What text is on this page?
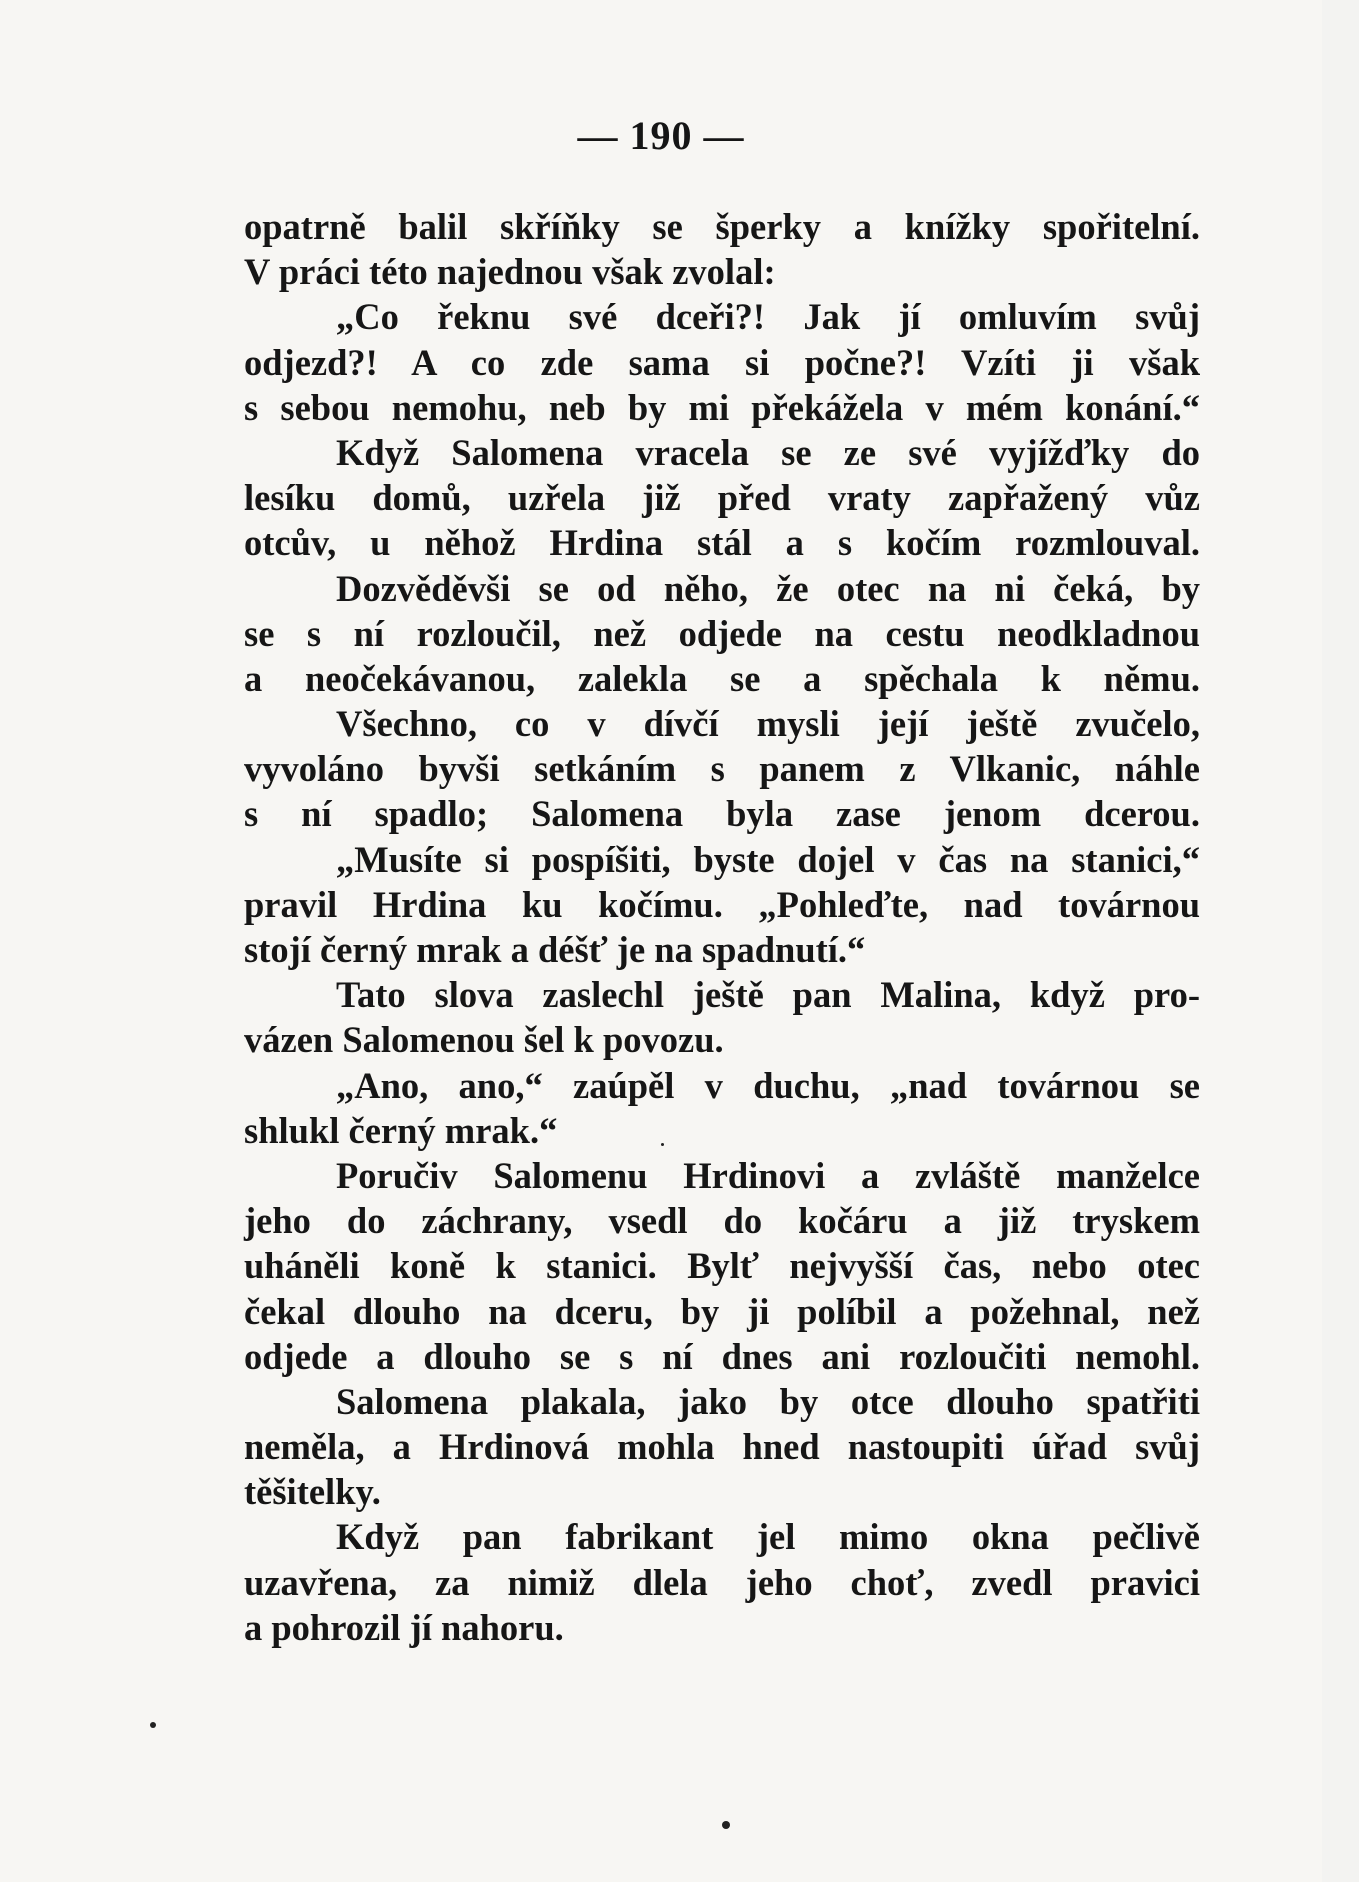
— 190 —
opatrně balil skříňky se šperky a knížky spořitelní.
V práci této najednou však zvolal:
„Co řeknu své dceři?! Jak jí omluvím svůj
odjezd?! A co zde sama si počne?! Vzíti ji však
s sebou nemohu, neb by mi překážela v mém konání.“
Když Salomena vracela se ze své vyjížďky do
lesíku domů, uzřela již před vraty zapřažený vůz
otcův, u něhož Hrdina stál a s kočím rozmlouval.
Dozvěděvši se od něho, že otec na ni čeká, by
se s ní rozloučil, než odjede na cestu neodkladnou
a neočekávanou, zalekla se a spěchala k němu.
Všechno, co v dívčí mysli její ještě zvučelo,
vyvoláno byvši setkáním s panem z Vlkanic, náhle
s ní spadlo; Salomena byla zase jenom dcerou.
„Musíte si pospíšiti, byste dojel v čas na stanici,“
pravil Hrdina ku kočímu. „Pohleďte, nad továrnou
stojí černý mrak a déšť je na spadnutí.“
Tato slova zaslechl ještě pan Malina, když pro-
vázen Salomenou šel k povozu.
„Ano, ano,“ zaúpěl v duchu, „nad továrnou se
shlukl černý mrak.“
Poručiv Salomenu Hrdinovi a zvláště manželce
jeho do záchrany, vsedl do kočáru a již tryskem
uháněli koně k stanici. Bylť nejvyšší čas, nebo otec
čekal dlouho na dceru, by ji políbil a požehnal, než
odjede a dlouho se s ní dnes ani rozloučiti nemohl.
Salomena plakala, jako by otce dlouho spatřiti
neměla, a Hrdinová mohla hned nastoupiti úřad svůj
těšitelky.
Když pan fabrikant jel mimo okna pečlivě
uzavřena, za nimiž dlela jeho choť, zvedl pravici
a pohrozil jí nahoru.
